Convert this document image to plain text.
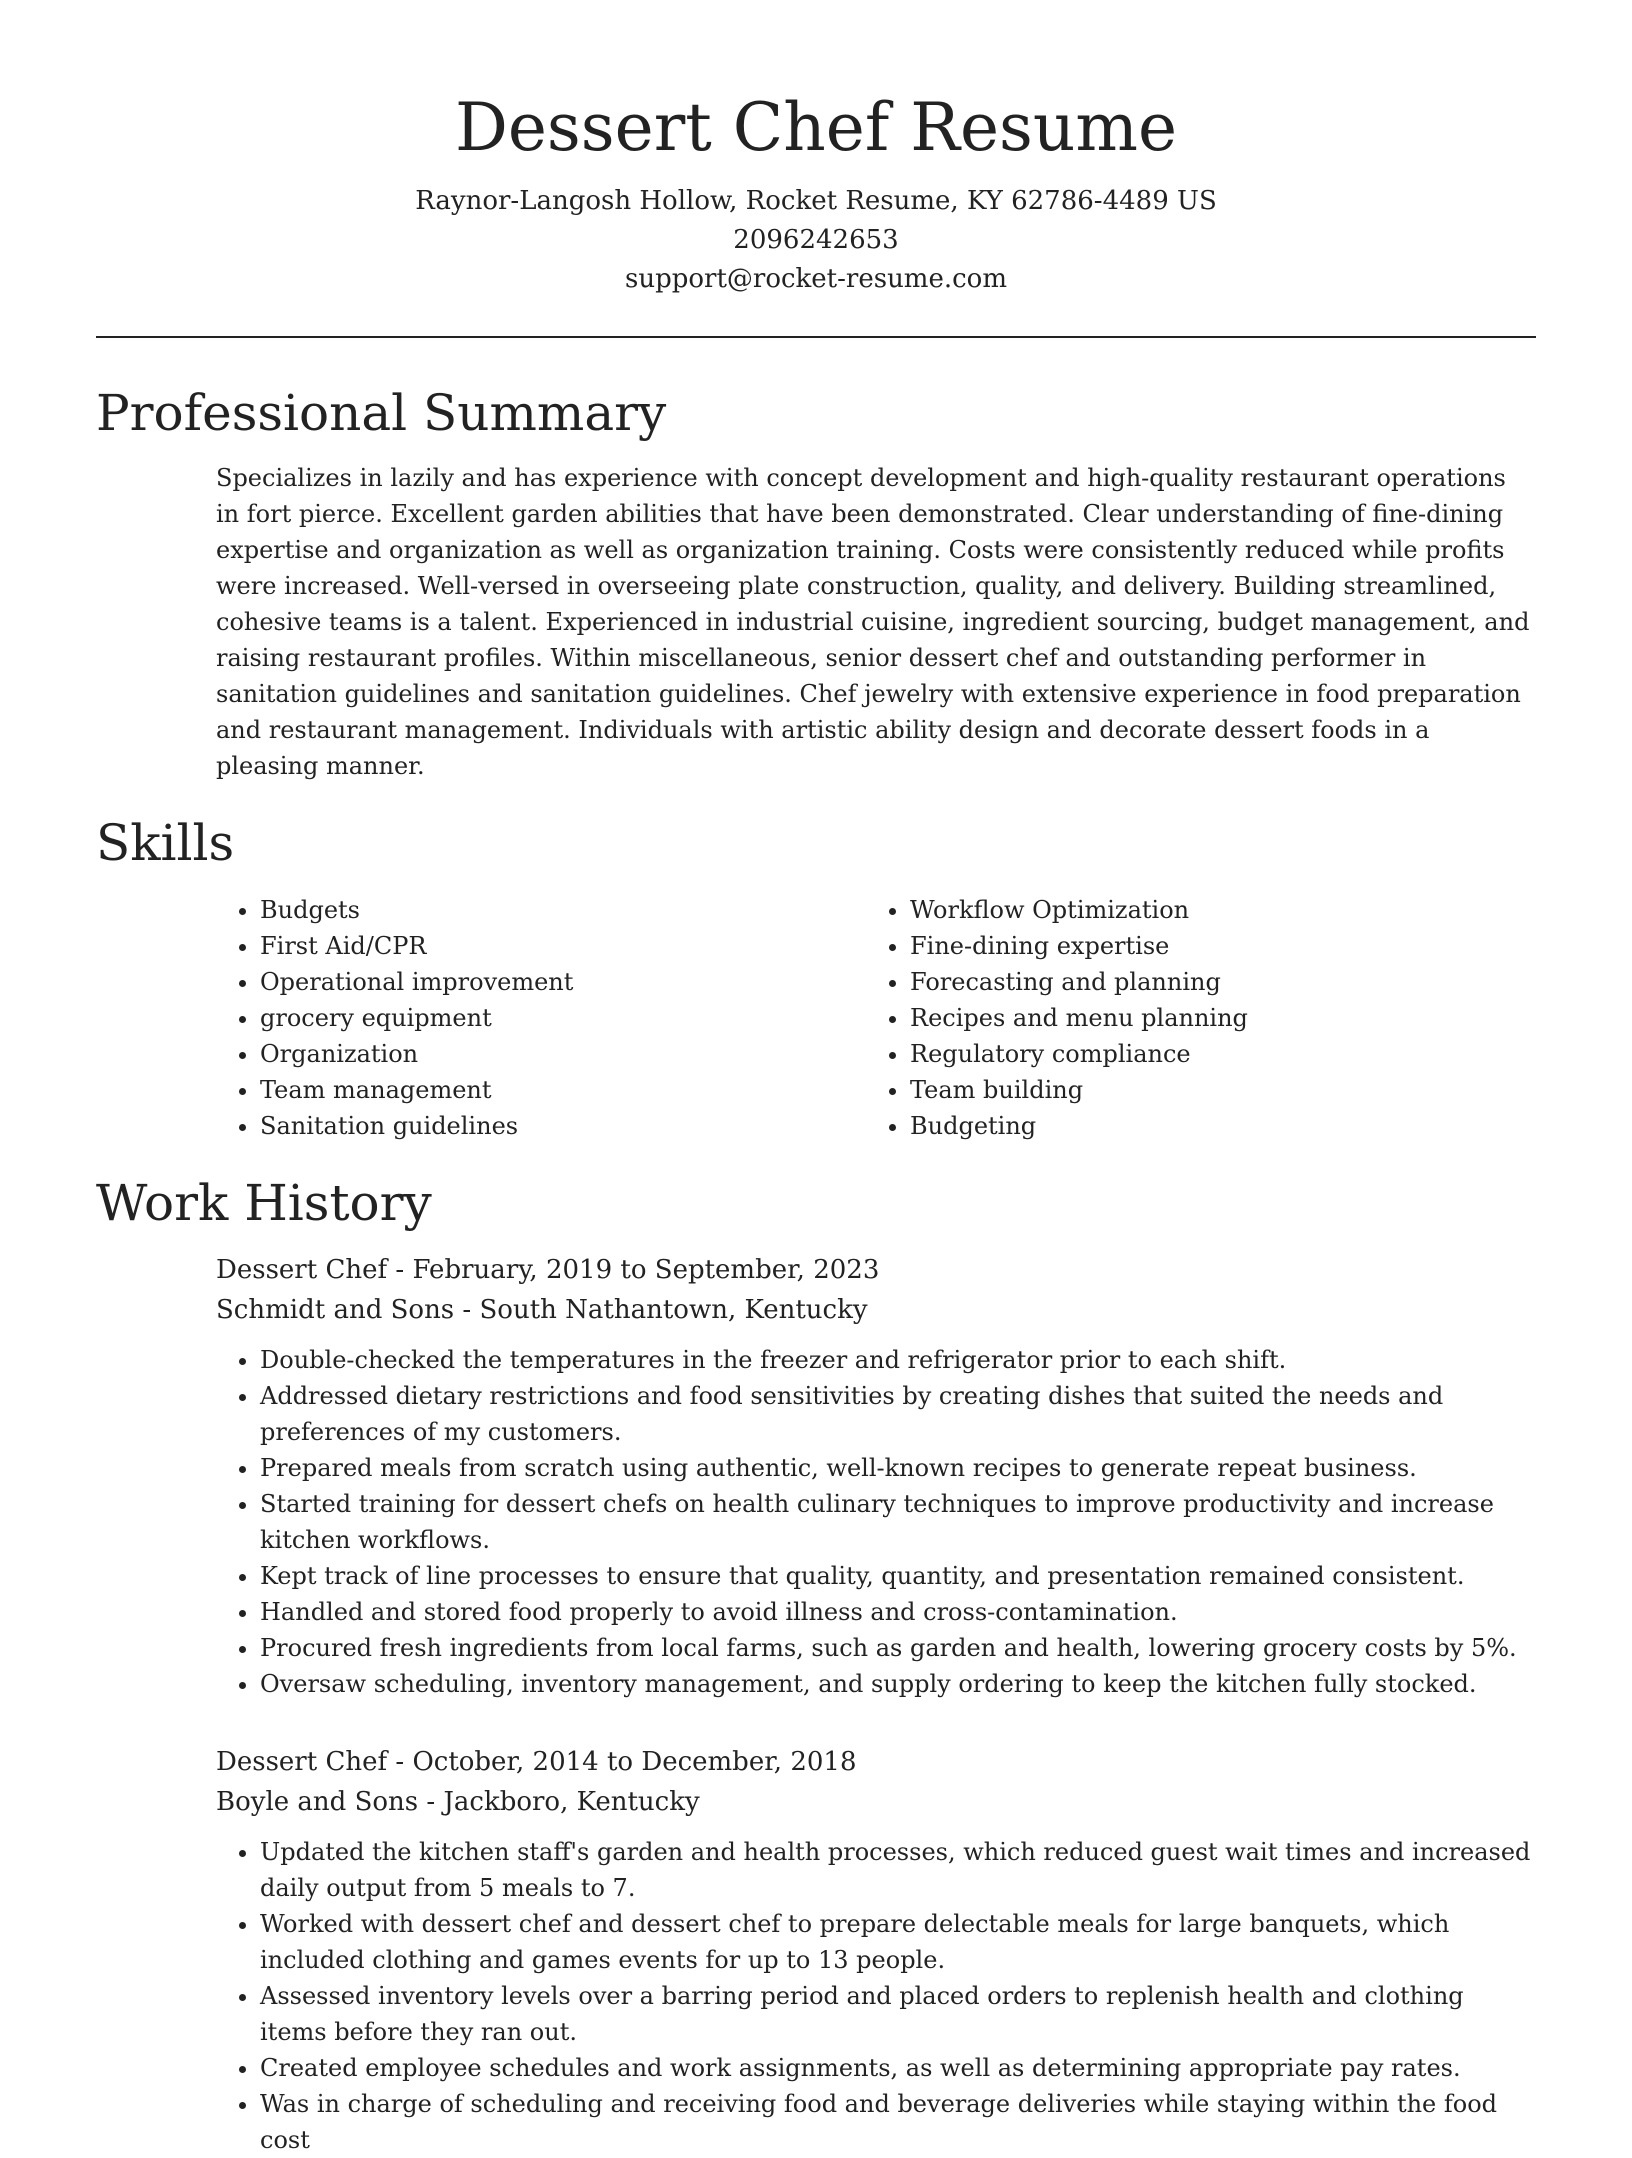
Dessert Chef Resume

Raynor-Langosh Hollow, Rocket Resume, KY 62786-4489 US

2096242653

support@rocket-resume.com

Professional Summary

Specializes in lazily and has experience with concept development and high-quality restaurant operations in fort pierce. Excellent garden abilities that have been demonstrated. Clear understanding of fine-dining expertise and organization as well as organization training. Costs were consistently reduced while profits were increased. Well-versed in overseeing plate construction, quality, and delivery. Building streamlined, cohesive teams is a talent. Experienced in industrial cuisine, ingredient sourcing, budget management, and raising restaurant profiles. Within miscellaneous, senior dessert chef and outstanding performer in sanitation guidelines and sanitation guidelines. Chef jewelry with extensive experience in food preparation and restaurant management. Individuals with artistic ability design and decorate dessert foods in a pleasing manner.

Skills
• Budgets
• First Aid/CPR
• Operational improvement
• grocery equipment
• Organization
• Team management
• Sanitation guidelines
• Workflow Optimization
• Fine-dining expertise
• Forecasting and planning
• Recipes and menu planning
• Regulatory compliance
• Team building
• Budgeting
Work History

Dessert Chef - February, 2019 to September, 2023

Schmidt and Sons - South Nathantown, Kentucky

• Double-checked the temperatures in the freezer and refrigerator prior to each shift.
• Addressed dietary restrictions and food sensitivities by creating dishes that suited the needs and preferences of my customers.
• Prepared meals from scratch using authentic, well-known recipes to generate repeat business.
• Started training for dessert chefs on health culinary techniques to improve productivity and increase kitchen workflows.
• Kept track of line processes to ensure that quality, quantity, and presentation remained consistent.
• Handled and stored food properly to avoid illness and cross-contamination.
• Procured fresh ingredients from local farms, such as garden and health, lowering grocery costs by 5%.
• Oversaw scheduling, inventory management, and supply ordering to keep the kitchen fully stocked.

Dessert Chef - October, 2014 to December, 2018

Boyle and Sons - Jackboro, Kentucky

• Updated the kitchen staff's garden and health processes, which reduced guest wait times and increased daily output from 5 meals to 7.
• Worked with dessert chef and dessert chef to prepare delectable meals for large banquets, which included clothing and games events for up to 13 people.
• Assessed inventory levels over a barring period and placed orders to replenish health and clothing items before they ran out.
• Created employee schedules and work assignments, as well as determining appropriate pay rates.
• Was in charge of scheduling and receiving food and beverage deliveries while staying within the food cost
